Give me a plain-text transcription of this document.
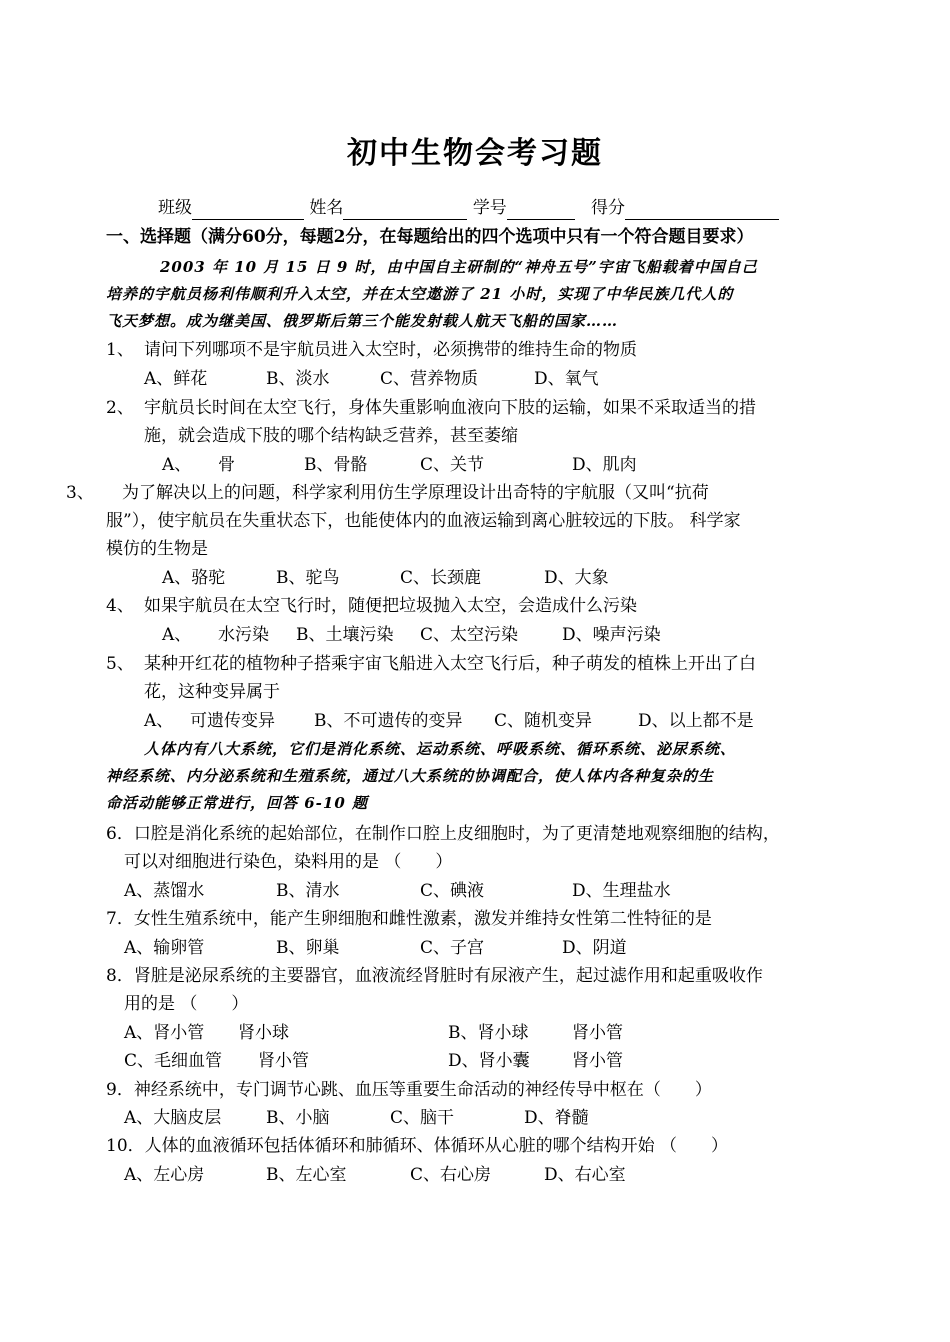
初中生物会考习题
班级	姓名	学号	得分
一、选择题（满分60分，每题2分，在每题给出的四个选项中只有一个符合题目要求）
2003 年 10 月 15 日 9 时，由中国自主研制的“神舟五号”宇宙飞船载着中国自己
培养的宇航员杨利伟顺利升入太空，并在太空遨游了 21 小时，实现了中华民族几代人的
飞天梦想。成为继美国、俄罗斯后第三个能发射载人航天飞船的国家……
1、 请问下列哪项不是宇航员进入太空时，必须携带的维持生命的物质
A、鲜花	B、淡水	C、营养物质	D、氧气
2、 宇航员长时间在太空飞行，身体失重影响血液向下肢的运输，如果不采取适当的措
施，就会造成下肢的哪个结构缺乏营养，甚至萎缩
A、 骨	B、骨骼	C、关节	D、肌肉
3、 为了解决以上的问题，科学家利用仿生学原理设计出奇特的宇航服（又叫“抗荷
服”），使宇航员在失重状态下，也能使体内的血液运输到离心脏较远的下肢。 科学家
模仿的生物是
A、骆驼	B、驼鸟	C、长颈鹿	D、大象
4、 如果宇航员在太空飞行时，随便把垃圾抛入太空，会造成什么污染
A、 水污染 B、土壤污染 C、太空污染	D、噪声污染
5、 某种开红花的植物种子搭乘宇宙飞船进入太空飞行后，种子萌发的植株上开出了白
花，这种变异属于
A、 可遗传变异 B、不可遗传的变异 C、随机变异	D、以上都不是
人体内有八大系统，它们是消化系统、运动系统、呼吸系统、循环系统、泌尿系统、
神经系统、内分泌系统和生殖系统，通过八大系统的协调配合，使人体内各种复杂的生
命活动能够正常进行，回答 6-10 题
6．口腔是消化系统的起始部位，在制作口腔上皮细胞时，为了更清楚地观察细胞的结构，
可以对细胞进行染色，染料用的是 （　　）
A、蒸馏水	B、清水	C、碘液	D、生理盐水
7．女性生殖系统中，能产生卵细胞和雌性激素，激发并维持女性第二性特征的是
A、输卵管	B、卵巢	C、子宫	D、阴道
8．肾脏是泌尿系统的主要器官，血液流经肾脏时有尿液产生，起过滤作用和起重吸收作
用的是 （　　）
A、肾小管 肾小球	B、肾小球	肾小管
C、毛细血管 肾小管	D、肾小囊 肾小管
9．神经系统中，专门调节心跳、血压等重要生命活动的神经传导中枢在（　　）
A、大脑皮层	B、小脑	C、脑干	D、脊髓
10．人体的血液循环包括体循环和肺循环、体循环从心脏的哪个结构开始 （　　）
A、左心房	B、左心室	C、右心房	D、右心室
